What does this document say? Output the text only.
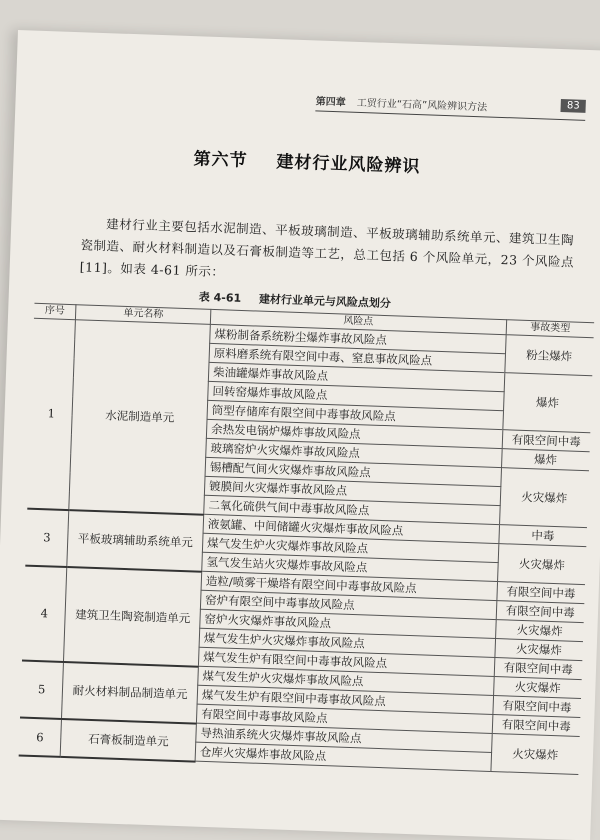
第四章 工贸行业“石高”风险辨识方法	83
第六节 建材行业风险辨识
建材行业主要包括水泥制造、平板玻璃制造、平板玻璃辅助系统单元、建筑卫生陶瓷制造、耐火材料制造以及石膏板制造等工艺，总工包括 6 个风险单元，23 个风险点[11]。如表 4-61 所示：
表 4-61 建材行业单元与风险点划分
序号	单元名称	风险点	事故类型
1	水泥制造单元	煤粉制备系统粉尘爆炸事故风险点	粉尘爆炸
		原料磨系统有限空间中毒、窒息事故风险点	
		柴油罐爆炸事故风险点	爆炸
		回转窑爆炸事故风险点	
		筒型存储库有限空间中毒事故风险点	
		余热发电锅炉爆炸事故风险点	有限空间中毒
		玻璃窑炉火灾爆炸事故风险点	爆炸
		锡槽配气间火灾爆炸事故风险点	火灾爆炸
		镀膜间火灾爆炸事故风险点	
		二氧化硫供气间中毒事故风险点	
3	平板玻璃辅助系统单元	液氨罐、中间储罐火灾爆炸事故风险点	中毒
		煤气发生炉火灾爆炸事故风险点	火灾爆炸
		氢气发生站火灾爆炸事故风险点	
4	建筑卫生陶瓷制造单元	造粒/喷雾干燥塔有限空间中毒事故风险点	有限空间中毒
		窑炉有限空间中毒事故风险点	有限空间中毒
		窑炉火灾爆炸事故风险点	火灾爆炸
		煤气发生炉火灾爆炸事故风险点	火灾爆炸
		煤气发生炉有限空间中毒事故风险点	有限空间中毒
5	耐火材料制品制造单元	煤气发生炉火灾爆炸事故风险点	火灾爆炸
		煤气发生炉有限空间中毒事故风险点	有限空间中毒
		有限空间中毒事故风险点	有限空间中毒
6	石膏板制造单元	导热油系统火灾爆炸事故风险点	火灾爆炸
		仓库火灾爆炸事故风险点	
